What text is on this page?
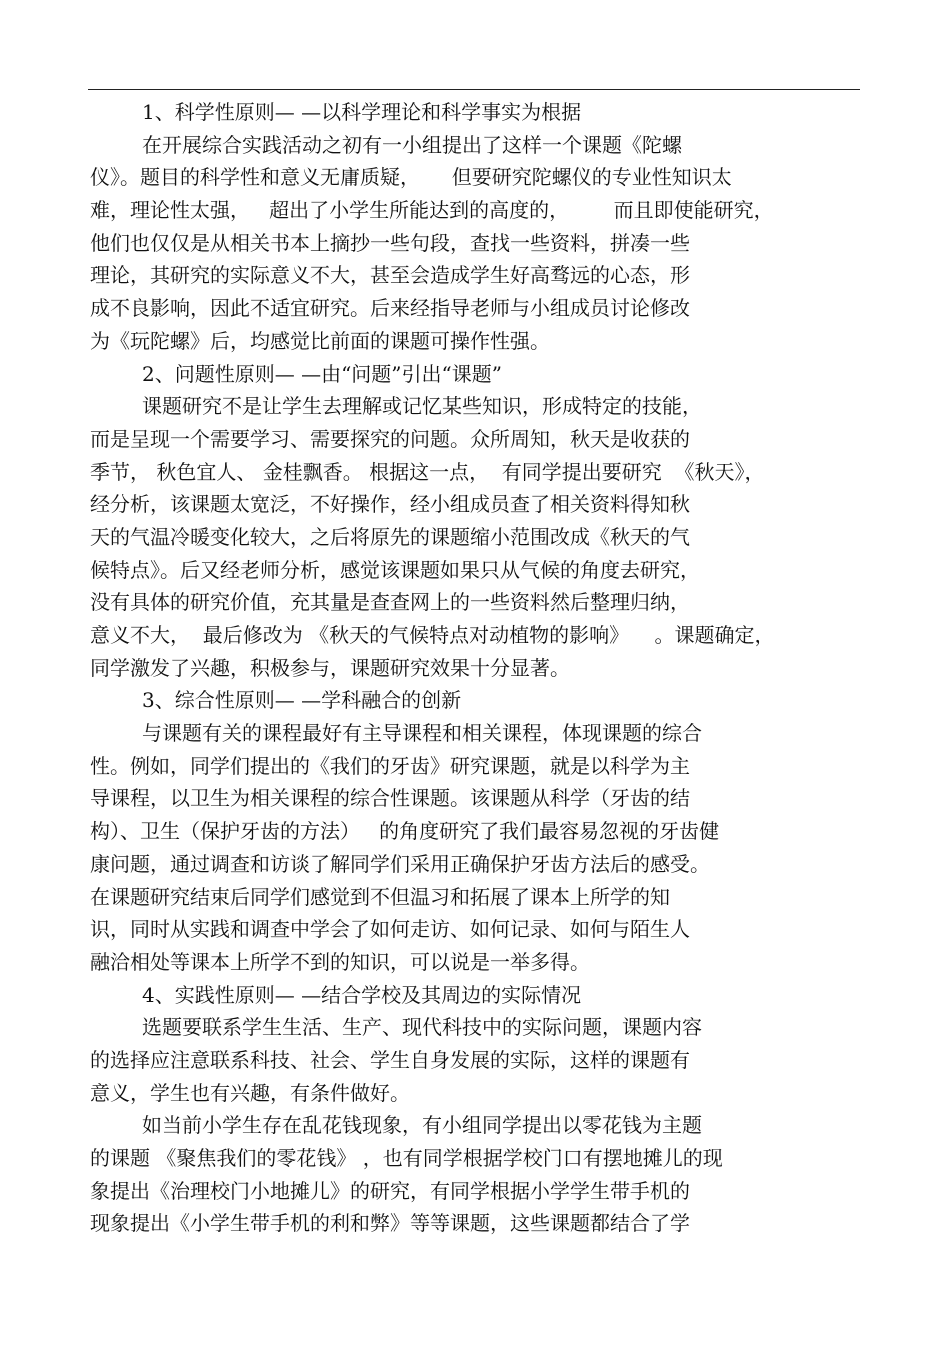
1、科学性原则— —以科学理论和科学事实为根据
在开展综合实践活动之初有一小组提出了这样一个课题《陀螺
仪》。题目的科学性和意义无庸质疑，     但要研究陀螺仪的专业性知识太
难，理论性太强，   超出了小学生所能达到的高度的，       而且即使能研究，
他们也仅仅是从相关书本上摘抄一些句段，查找一些资料，拼凑一些
理论，其研究的实际意义不大，甚至会造成学生好高骛远的心态，形
成不良影响，因此不适宜研究。后来经指导老师与小组成员讨论修改
为《玩陀螺》后，均感觉比前面的课题可操作性强。
2、问题性原则— —由“问题”引出“课题”
课题研究不是让学生去理解或记忆某些知识，形成特定的技能，
而是呈现一个需要学习、需要探究的问题。众所周知，秋天是收获的
季节， 秋色宜人、 金桂飘香。 根据这一点，  有同学提出要研究  《秋天》，
经分析，该课题太宽泛，不好操作，经小组成员查了相关资料得知秋
天的气温冷暖变化较大，之后将原先的课题缩小范围改成《秋天的气
候特点》。后又经老师分析，感觉该课题如果只从气候的角度去研究，
没有具体的研究价值，充其量是查查网上的一些资料然后整理归纳，
意义不大，  最后修改为 《秋天的气候特点对动植物的影响》    。课题确定，
同学激发了兴趣，积极参与，课题研究效果十分显著。
3、综合性原则— —学科融合的创新
与课题有关的课程最好有主导课程和相关课程，体现课题的综合
性。例如，同学们提出的《我们的牙齿》研究课题，就是以科学为主
导课程，以卫生为相关课程的综合性课题。该课题从科学（牙齿的结
构）、卫生（保护牙齿的方法）   的角度研究了我们最容易忽视的牙齿健
康问题，通过调查和访谈了解同学们采用正确保护牙齿方法后的感受。
在课题研究结束后同学们感觉到不但温习和拓展了课本上所学的知
识，同时从实践和调查中学会了如何走访、如何记录、如何与陌生人
融洽相处等课本上所学不到的知识，可以说是一举多得。
4、实践性原则— —结合学校及其周边的实际情况
选题要联系学生生活、生产、现代科技中的实际问题，课题内容
的选择应注意联系科技、社会、学生自身发展的实际，这样的课题有
意义，学生也有兴趣，有条件做好。
如当前小学生存在乱花钱现象，有小组同学提出以零花钱为主题
的课题 《聚焦我们的零花钱》 ，也有同学根据学校门口有摆地摊儿的现
象提出《治理校门小地摊儿》的研究，有同学根据小学学生带手机的
现象提出《小学生带手机的利和弊》等等课题，这些课题都结合了学
